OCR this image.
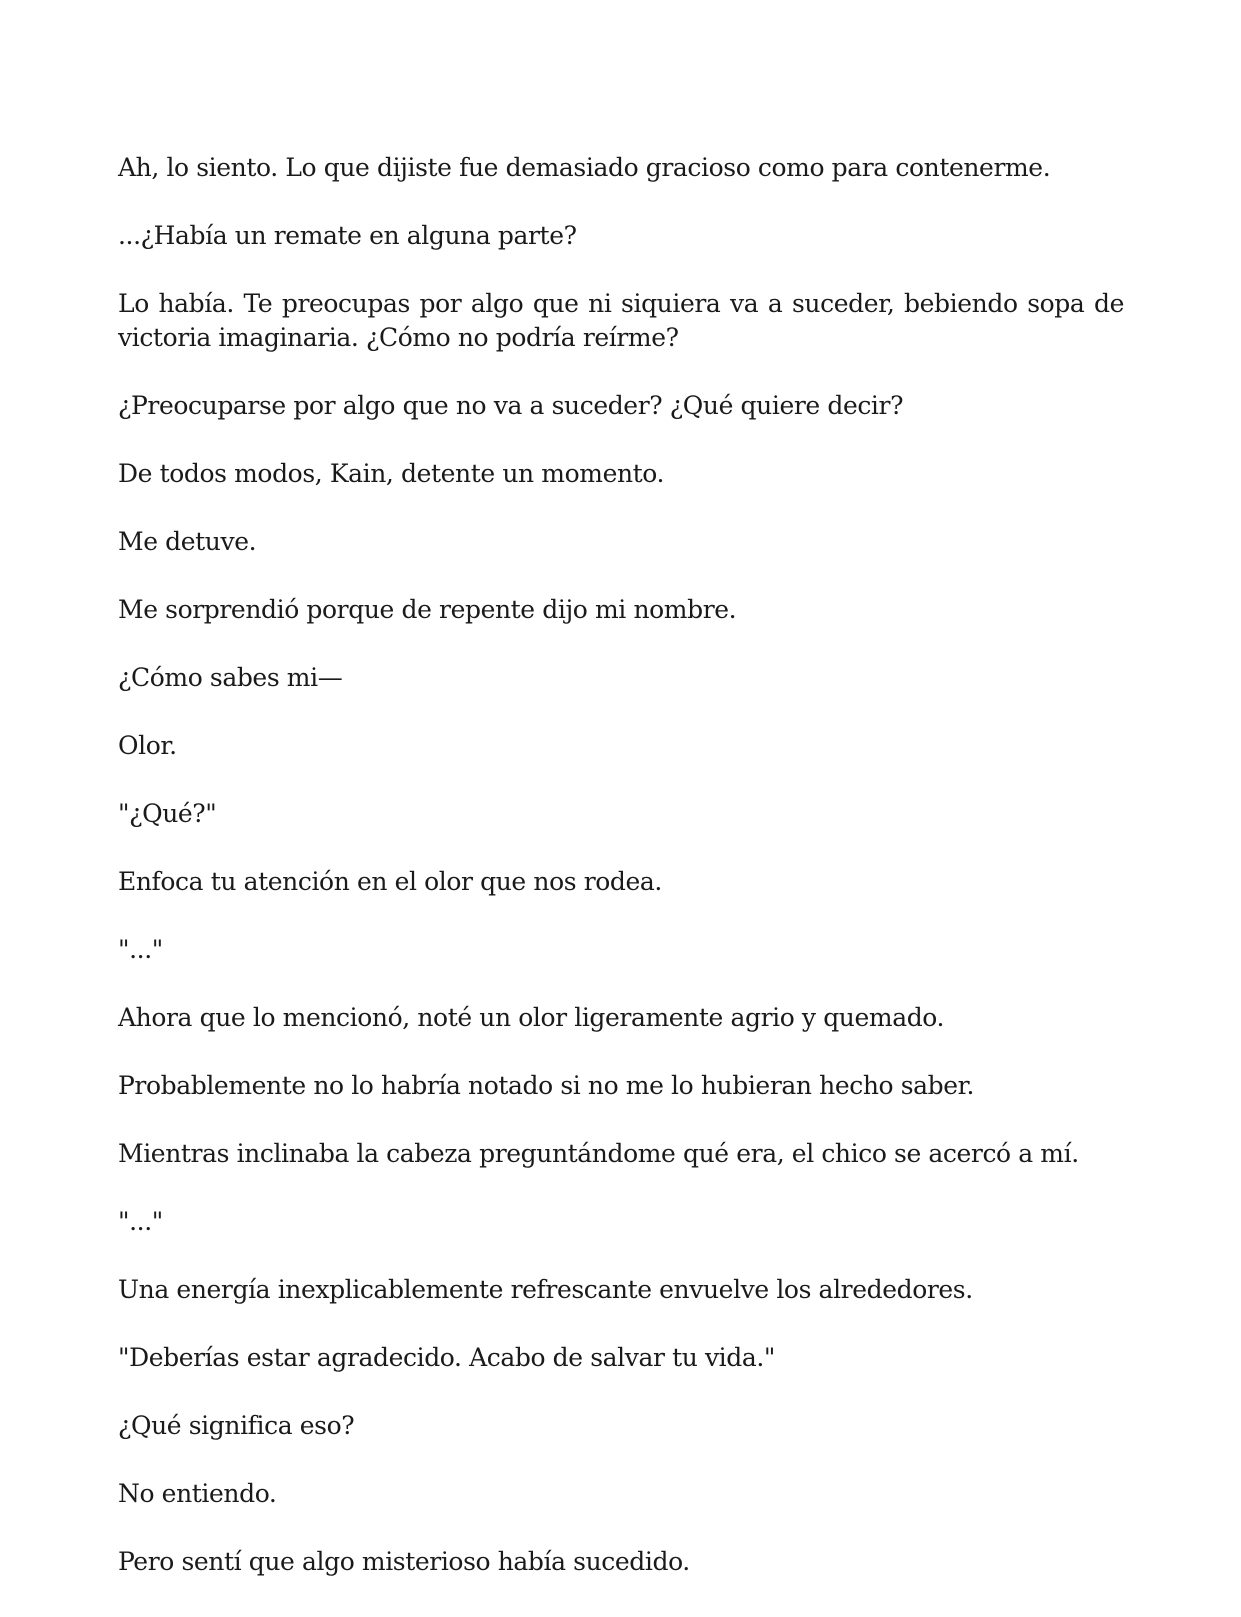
Ah, lo siento. Lo que dijiste fue demasiado gracioso como para contenerme.

...¿Había un remate en alguna parte?

Lo había. Te preocupas por algo que ni siquiera va a suceder, bebiendo sopa de victoria imaginaria. ¿Cómo no podría reírme?

¿Preocuparse por algo que no va a suceder? ¿Qué quiere decir?

De todos modos, Kain, detente un momento.

Me detuve.

Me sorprendió porque de repente dijo mi nombre.

¿Cómo sabes mi—

Olor.

"¿Qué?"

Enfoca tu atención en el olor que nos rodea.

"..."

Ahora que lo mencionó, noté un olor ligeramente agrio y quemado.

Probablemente no lo habría notado si no me lo hubieran hecho saber.

Mientras inclinaba la cabeza preguntándome qué era, el chico se acercó a mí.

"..."

Una energía inexplicablemente refrescante envuelve los alrededores.

"Deberías estar agradecido. Acabo de salvar tu vida."

¿Qué significa eso?

No entiendo.

Pero sentí que algo misterioso había sucedido.
